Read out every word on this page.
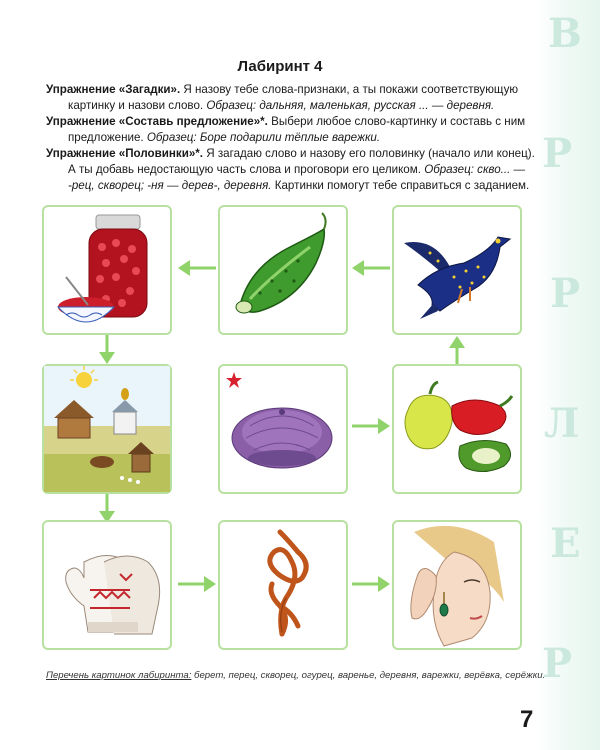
В
Р
Р
Л
Е
Р
Лабиринт 4
Упражнение «Загадки». Я назову тебе слова-признаки, а ты покажи соответствующую
картинку и назови слово. Образец: дальняя, маленькая, русская ... — деревня.
Упражнение «Составь предложение»*. Выбери любое слово-картинку и составь с ним
предложение. Образец: Боре подарили тёплые варежки.
Упражнение «Половинки»*. Я загадаю слово и назову его половинку (начало или конец).
А ты добавь недостающую часть слова и проговори его целиком. Образец: скво... —
-рец, скворец; -ня — дерев-, деревня. Картинки помогут тебе справиться с заданием.
Перечень картинок лабиринта: берет, перец, скворец, огурец, варенье, деревня, варежки, верёвка, серёжки.
7
